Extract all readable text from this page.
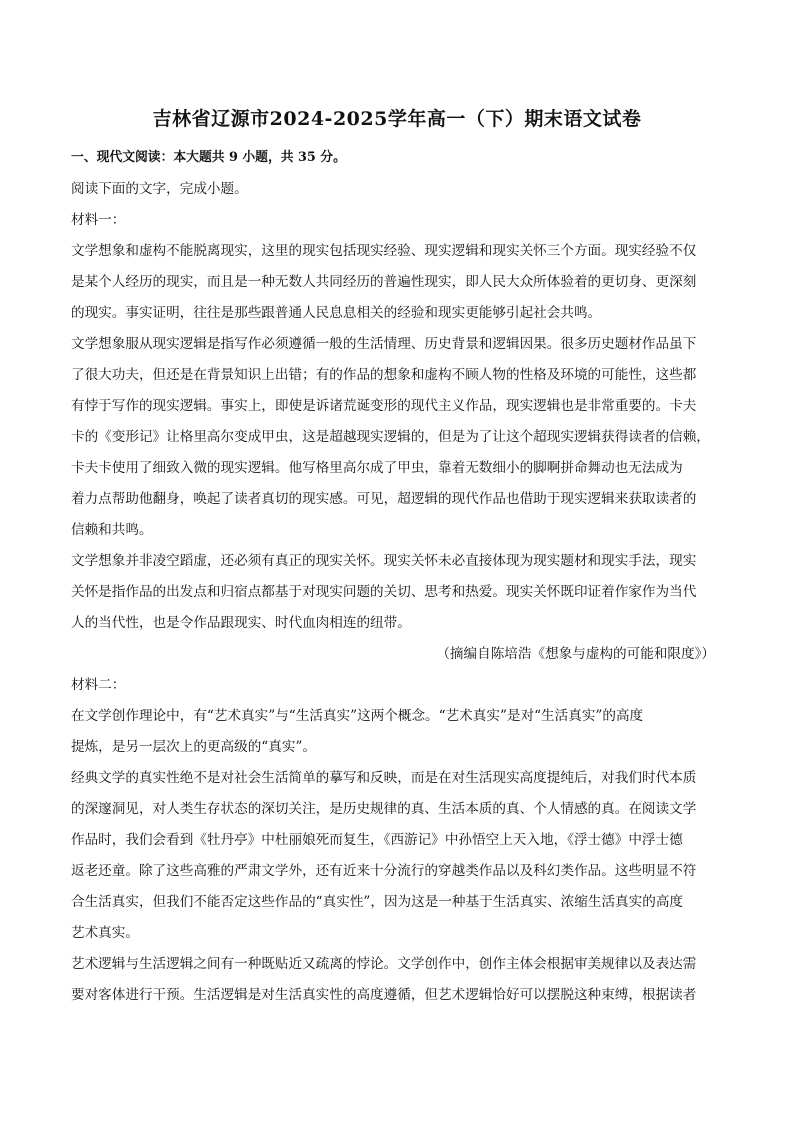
吉林省辽源市2024-2025学年高一（下）期末语文试卷
一、现代文阅读：本大题共 9 小题，共 35 分。
阅读下面的文字，完成小题。
材料一：
文学想象和虚构不能脱离现实，这里的现实包括现实经验、现实逻辑和现实关怀三个方面。现实经验不仅
是某个人经历的现实，而且是一种无数人共同经历的普遍性现实，即人民大众所体验着的更切身、更深刻
的现实。事实证明，往往是那些跟普通人民息息相关的经验和现实更能够引起社会共鸣。
文学想象服从现实逻辑是指写作必须遵循一般的生活情理、历史背景和逻辑因果。很多历史题材作品虽下
了很大功夫，但还是在背景知识上出错；有的作品的想象和虚构不顾人物的性格及环境的可能性，这些都
有悖于写作的现实逻辑。事实上，即使是诉诸荒诞变形的现代主义作品，现实逻辑也是非常重要的。卡夫
卡的《变形记》让格里高尔变成甲虫，这是超越现实逻辑的，但是为了让这个超现实逻辑获得读者的信赖，
卡夫卡使用了细致入微的现实逻辑。他写格里高尔成了甲虫，靠着无数细小的脚啊拼命舞动也无法成为
着力点帮助他翻身，唤起了读者真切的现实感。可见，超逻辑的现代作品也借助于现实逻辑来获取读者的
信赖和共鸣。
文学想象并非凌空蹈虚，还必须有真正的现实关怀。现实关怀未必直接体现为现实题材和现实手法，现实
关怀是指作品的出发点和归宿点都基于对现实问题的关切、思考和热爱。现实关怀既印证着作家作为当代
人的当代性，也是令作品跟现实、时代血肉相连的纽带。
（摘编自陈培浩《想象与虚构的可能和限度》）
材料二：
在文学创作理论中，有“艺术真实”与“生活真实”这两个概念。“艺术真实”是对“生活真实”的高度
提炼，是另一层次上的更高级的“真实”。
经典文学的真实性绝不是对社会生活简单的摹写和反映，而是在对生活现实高度提纯后，对我们时代本质
的深邃洞见，对人类生存状态的深切关注，是历史规律的真、生活本质的真、个人情感的真。在阅读文学
作品时，我们会看到《牡丹亭》中杜丽娘死而复生，《西游记》中孙悟空上天入地，《浮士德》中浮士德
返老还童。除了这些高雅的严肃文学外，还有近来十分流行的穿越类作品以及科幻类作品。这些明显不符
合生活真实，但我们不能否定这些作品的“真实性”，因为这是一种基于生活真实、浓缩生活真实的高度
艺术真实。
艺术逻辑与生活逻辑之间有一种既贴近又疏离的悖论。文学创作中，创作主体会根据审美规律以及表达需
要对客体进行干预。生活逻辑是对生活真实性的高度遵循，但艺术逻辑恰好可以摆脱这种束缚，根据读者
